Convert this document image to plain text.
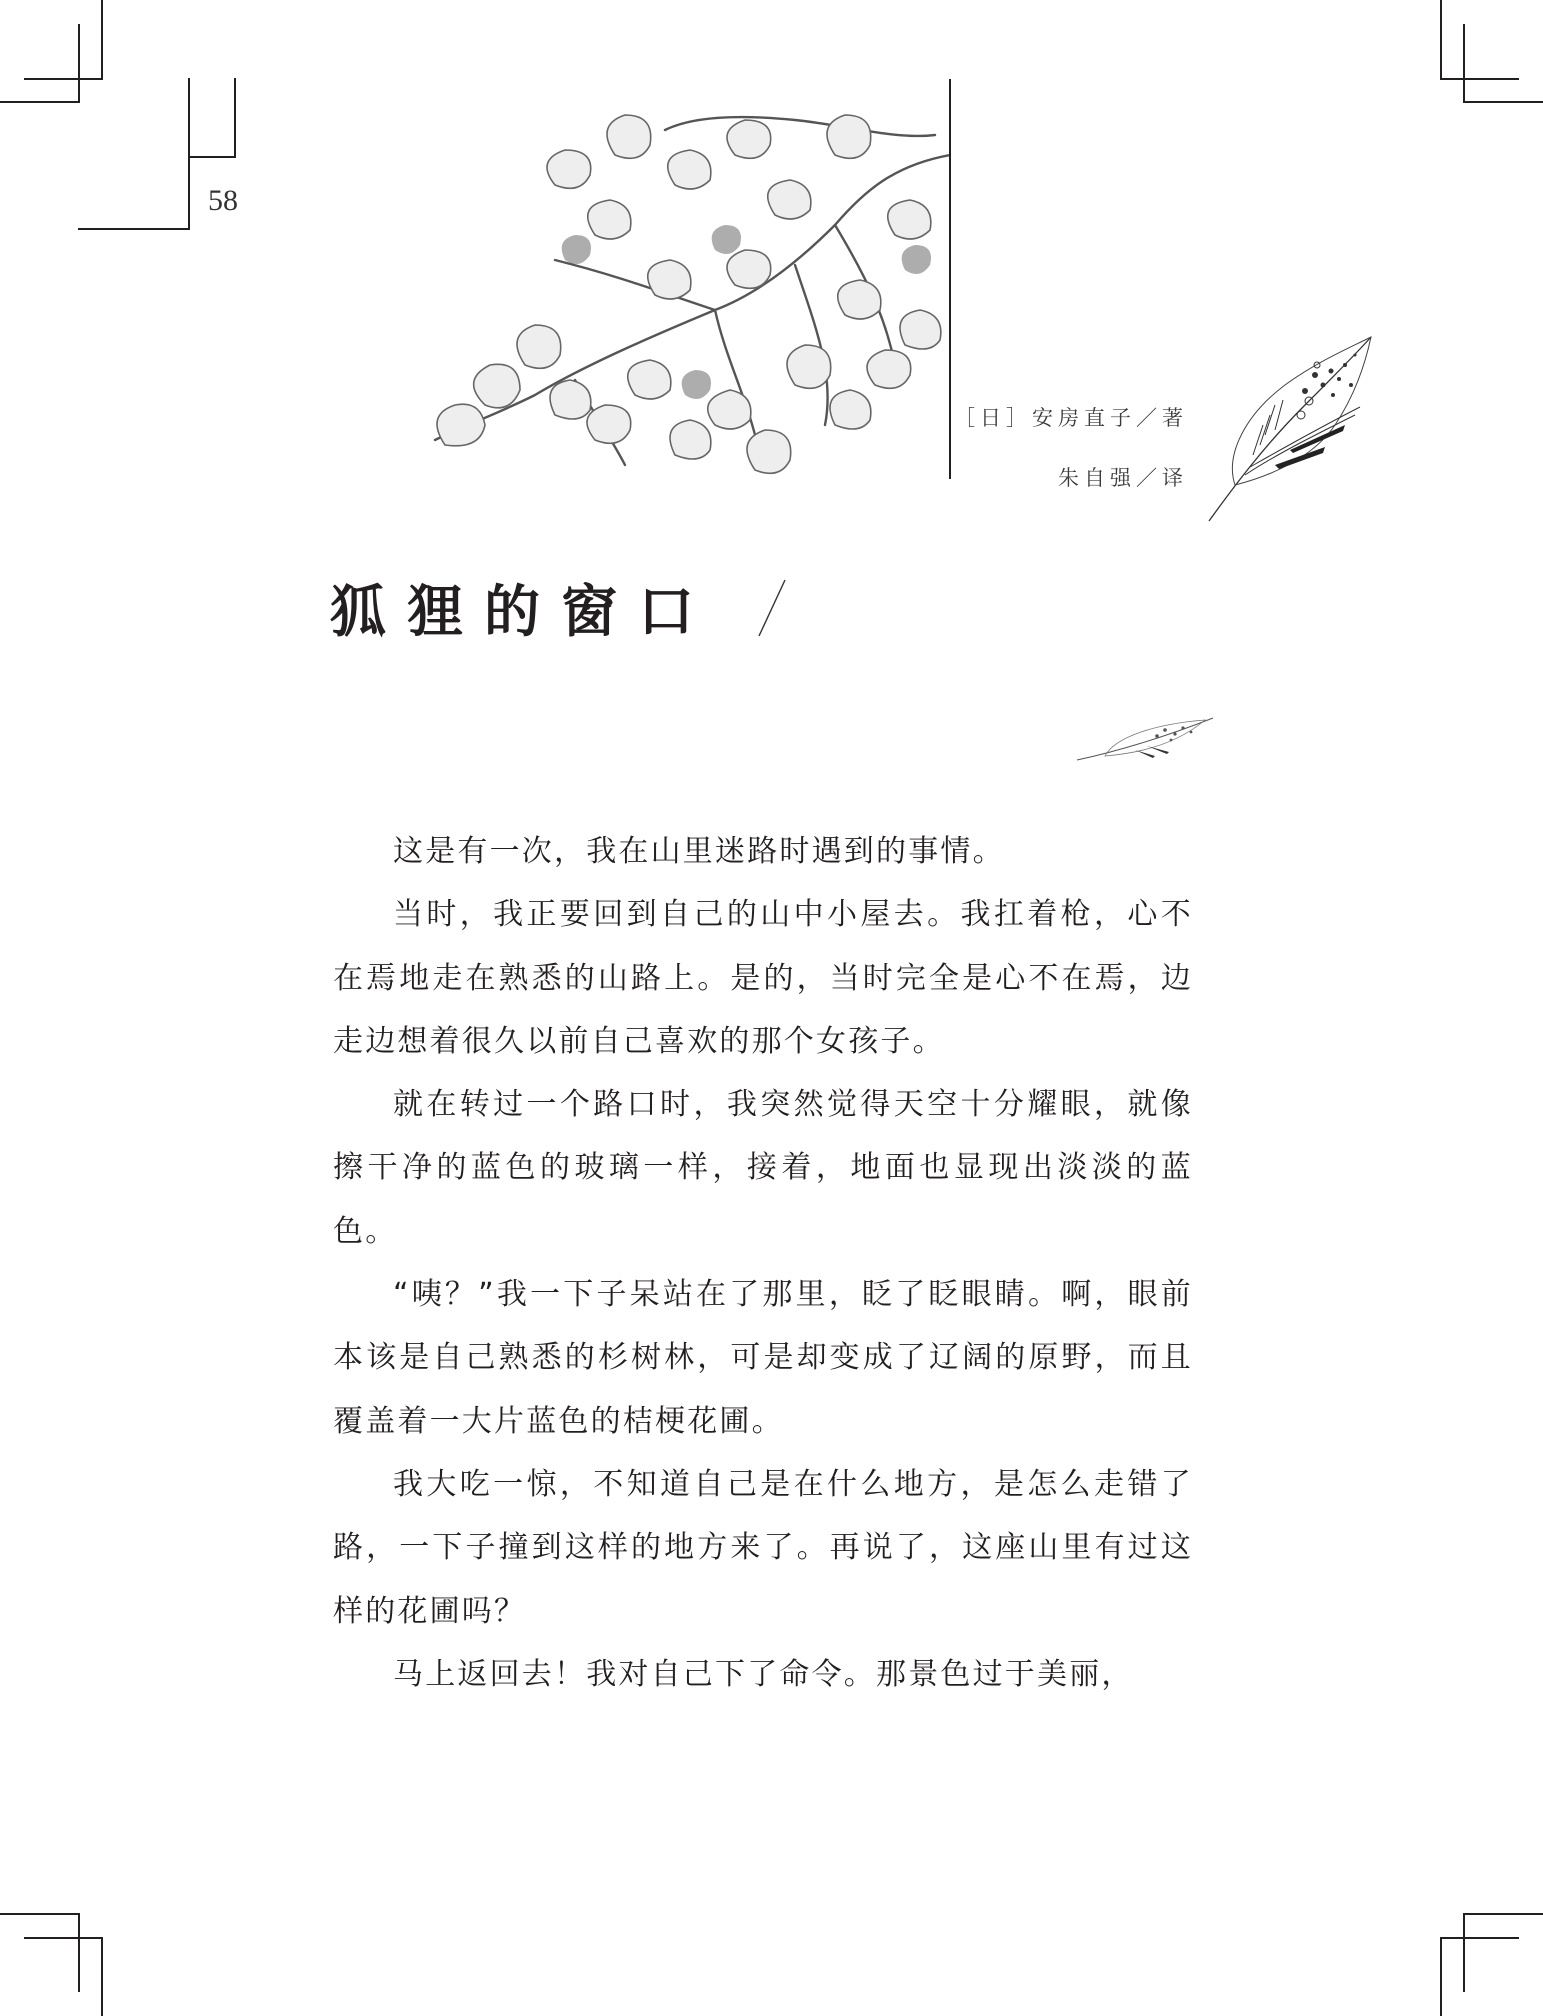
58
［日］安房直子／著
朱自强／译
狐狸的窗口

这是有一次，我在山里迷路时遇到的事情。

当时，我正要回到自己的山中小屋去。我扛着枪，心不在焉地走在熟悉的山路上。是的，当时完全是心不在焉，边走边想着很久以前自己喜欢的那个女孩子。

就在转过一个路口时，我突然觉得天空十分耀眼，就像擦干净的蓝色的玻璃一样，接着，地面也显现出淡淡的蓝色。

“咦？”我一下子呆站在了那里，眨了眨眼睛。啊，眼前本该是自己熟悉的杉树林，可是却变成了辽阔的原野，而且覆盖着一大片蓝色的桔梗花圃。

我大吃一惊，不知道自己是在什么地方，是怎么走错了路，一下子撞到这样的地方来了。再说了，这座山里有过这样的花圃吗？

马上返回去！我对自己下了命令。那景色过于美丽，
